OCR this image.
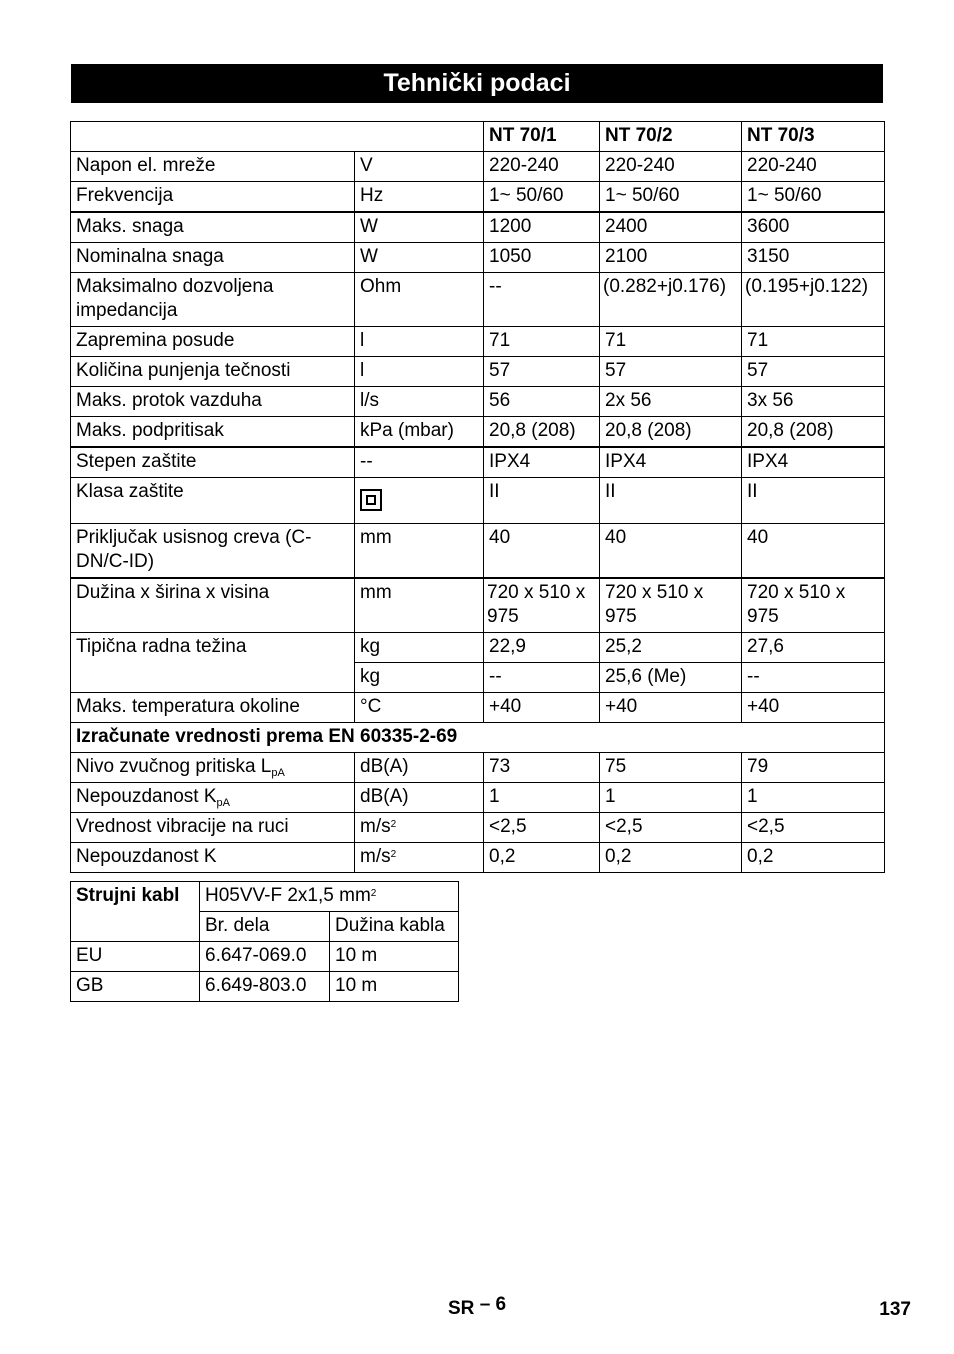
Tehnički podaci
		NT 70/1	NT 70/2	NT 70/3
Napon el. mreže	V	220-240	220-240	220-240
Frekvencija	Hz	1~ 50/60	1~ 50/60	1~ 50/60
Maks. snaga	W	1200	2400	3600
Nominalna snaga	W	1050	2100	3150
Maksimalno dozvoljena impedancija	Ohm	--	(0.282+j0.176)	(0.195+j0.122)
Zapremina posude	l	71	71	71
Količina punjenja tečnosti	l	57	57	57
Maks. protok vazduha	l/s	56	2x 56	3x 56
Maks. podpritisak	kPa (mbar)	20,8 (208)	20,8 (208)	20,8 (208)
Stepen zaštite	--	IPX4	IPX4	IPX4
Klasa zaštite		II	II	II
Priključak usisnog creva (C-DN/C-ID)	mm	40	40	40
Dužina x širina x visina	mm	720 x 510 x 975	720 x 510 x 975	720 x 510 x 975
Tipična radna težina	kg	22,9	25,2	27,6
	kg	--	25,6 (Me)	--
Maks. temperatura okoline	°C	+40	+40	+40
Izračunate vrednosti prema EN 60335-2-69				
Nivo zvučnog pritiska $L_{pA}$	dB(A)	73	75	79
Nepouzdanost $K_{pA}$	dB(A)	1	1	1
Vrednost vibracije na ruci	$m/s^2$	<2,5	<2,5	<2,5
Nepouzdanost K	$m/s^2$	0,2	0,2	0,2
Strujni kabl	H05VV-F 2x1,5 $mm^2$
	Br. dela	Dužina kabla
EU	6.647-069.0	10 m
GB	6.649-803.0	10 m
SR – 6	137
